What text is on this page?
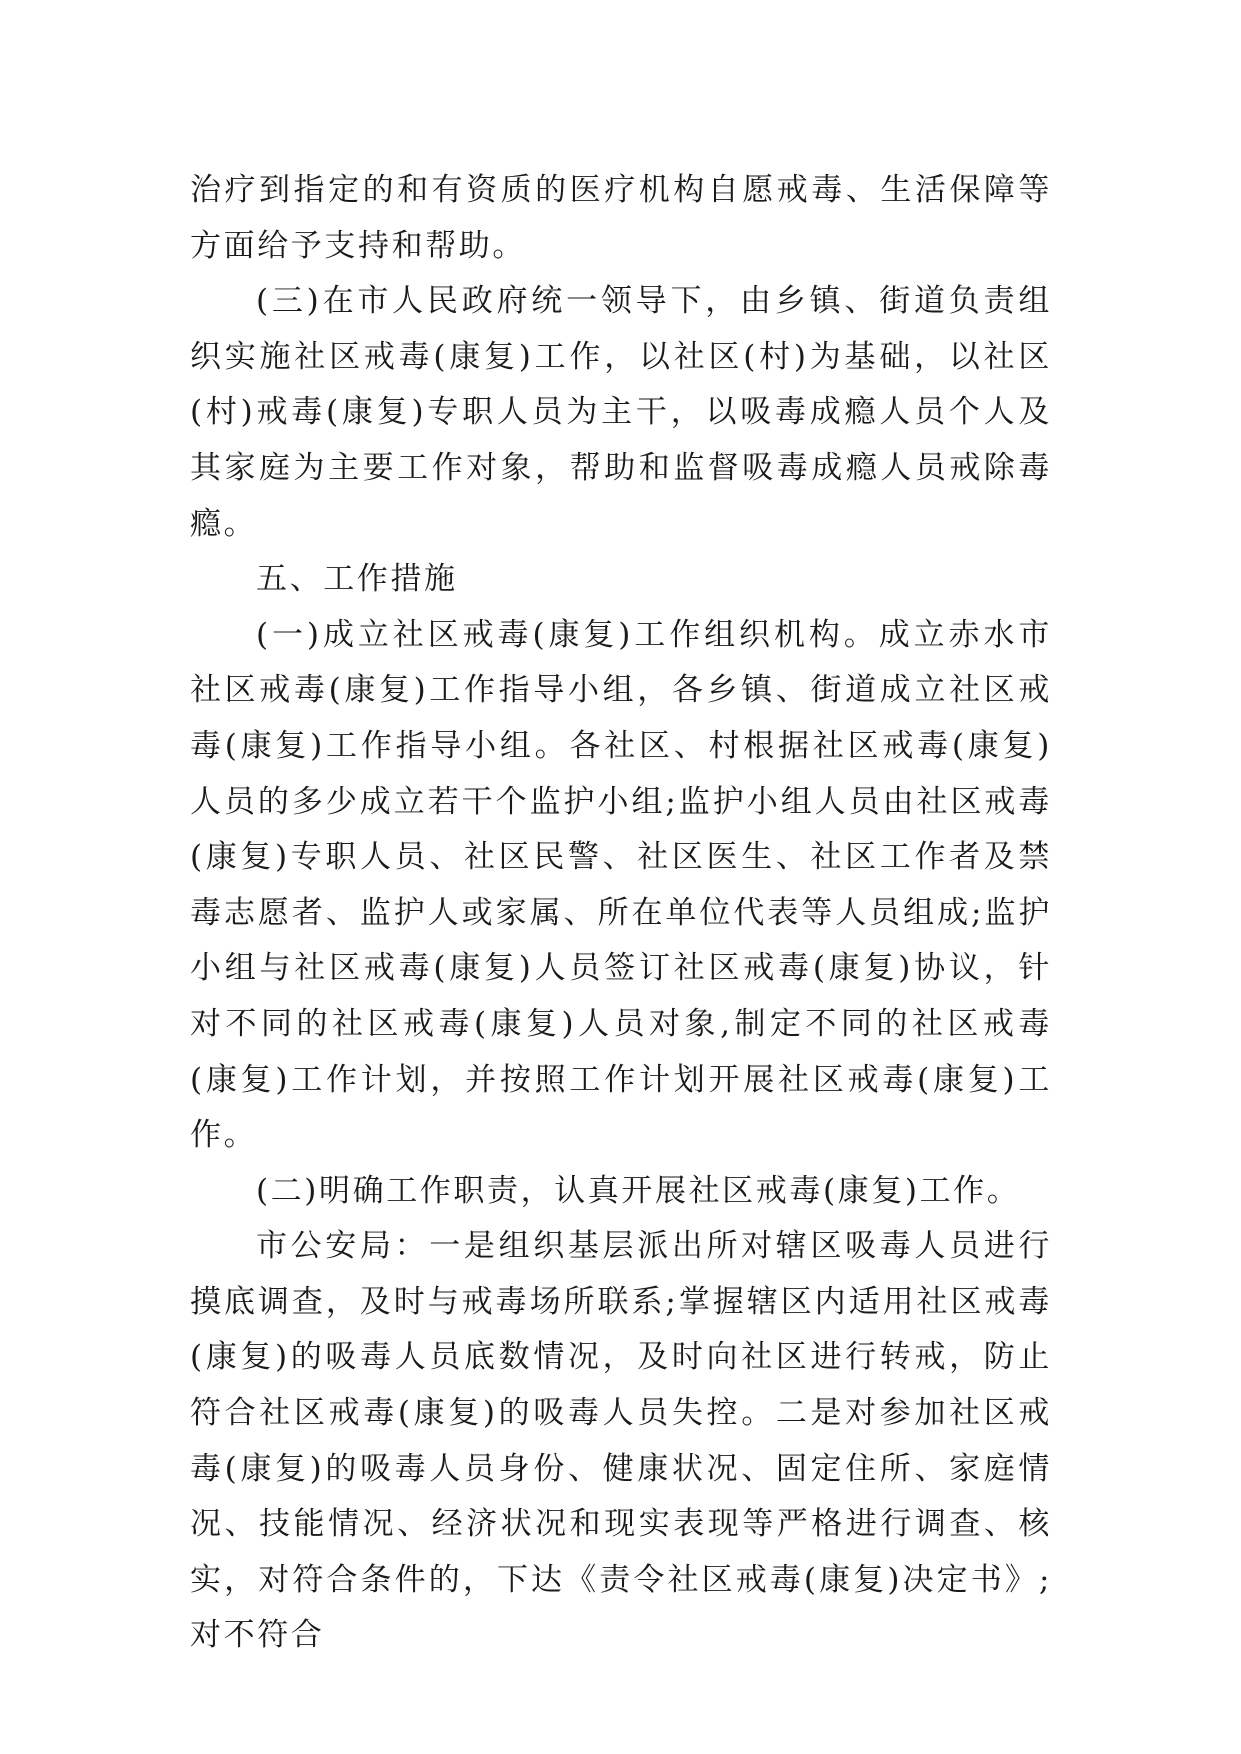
治疗到指定的和有资质的医疗机构自愿戒毒、生活保障等方面给予支持和帮助。

(三)在市人民政府统一领导下，由乡镇、街道负责组织实施社区戒毒(康复)工作，以社区(村)为基础，以社区(村)戒毒(康复)专职人员为主干，以吸毒成瘾人员个人及其家庭为主要工作对象，帮助和监督吸毒成瘾人员戒除毒瘾。

五、工作措施

(一)成立社区戒毒(康复)工作组织机构。成立赤水市社区戒毒(康复)工作指导小组，各乡镇、街道成立社区戒毒(康复)工作指导小组。各社区、村根据社区戒毒(康复)人员的多少成立若干个监护小组;监护小组人员由社区戒毒(康复)专职人员、社区民警、社区医生、社区工作者及禁毒志愿者、监护人或家属、所在单位代表等人员组成;监护小组与社区戒毒(康复)人员签订社区戒毒(康复)协议，针对不同的社区戒毒(康复)人员对象,制定不同的社区戒毒(康复)工作计划，并按照工作计划开展社区戒毒(康复)工作。

(二)明确工作职责，认真开展社区戒毒(康复)工作。

市公安局：一是组织基层派出所对辖区吸毒人员进行摸底调查，及时与戒毒场所联系;掌握辖区内适用社区戒毒(康复)的吸毒人员底数情况，及时向社区进行转戒，防止符合社区戒毒(康复)的吸毒人员失控。二是对参加社区戒毒(康复)的吸毒人员身份、健康状况、固定住所、家庭情况、技能情况、经济状况和现实表现等严格进行调查、核实，对符合条件的，下达《责令社区戒毒(康复)决定书》;对不符合
